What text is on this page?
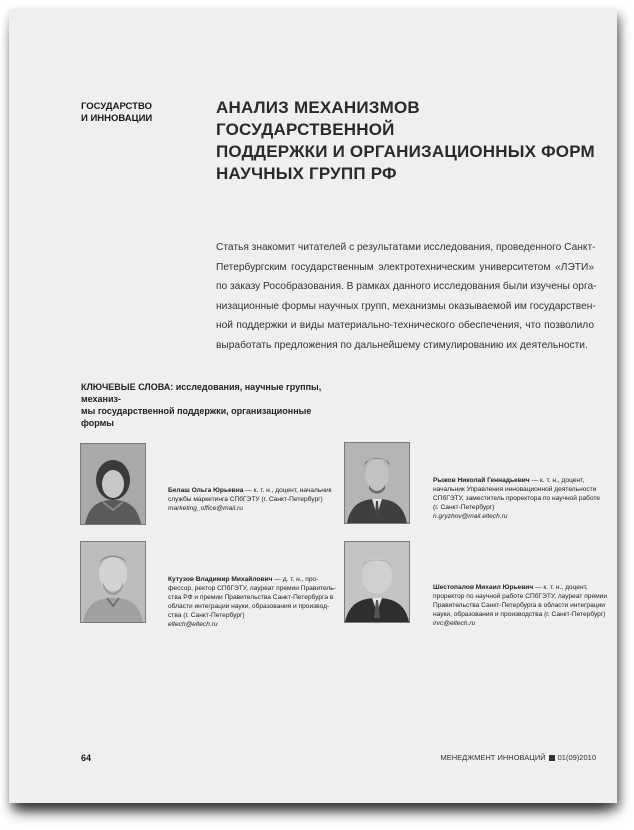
ГОСУДАРСТВО
И ИННОВАЦИИ
АНАЛИЗ МЕХАНИЗМОВ ГОСУДАРСТВЕННОЙ
ПОДДЕРЖКИ И ОРГАНИЗАЦИОННЫХ ФОРМ
НАУЧНЫХ ГРУПП РФ
Статья знакомит читателей с результатами исследования, проведенного Санкт-
Петербургским государственным электротехническим университетом «ЛЭТИ»
по заказу Рособразования. В рамках данного исследования были изучены орга-
низационные формы научных групп, механизмы оказываемой им государствен-
ной поддержки и виды материально-технического обеспечения, что позволило
выработать предложения по дальнейшему стимулированию их деятельности.
КЛЮЧЕВЫЕ СЛОВА: исследования, научные группы, механиз-
мы государственной поддержки, организационные формы
Белаш Ольга Юрьевна — к. т. н., доцент, начальник
службы маркетинга СПбГЭТУ (г. Санкт-Петербург)
marketing_office@mail.ru
Рыжов Николай Геннадьевич — к. т. н., доцент,
начальник Управления инновационной деятельности
СПбГЭТУ, заместитель проректора по научной работе
(г. Санкт-Петербург)
n.gryzhov@mail.eltech.ru
Кутузов Владимир Михайлович — д. т. н., про-
фессор, ректор СПбГЭТУ, лауреат премии Правитель-
ства РФ и премии Правительства Санкт-Петербурга в
области интеграции науки, образования и производ-
ства (г. Санкт-Петербург)
eltech@eltech.ru
Шестопалов Михаил Юрьевич — к. т. н., доцент,
проректор по научной работе СПбГЭТУ, лауреат премии
Правительства Санкт-Петербурга в области интеграции
науки, образования и производства (г. Санкт-Петербург)
irvc@eltech.ru
64	МЕНЕДЖМЕНТ ИННОВАЦИЙ 01(09)2010
